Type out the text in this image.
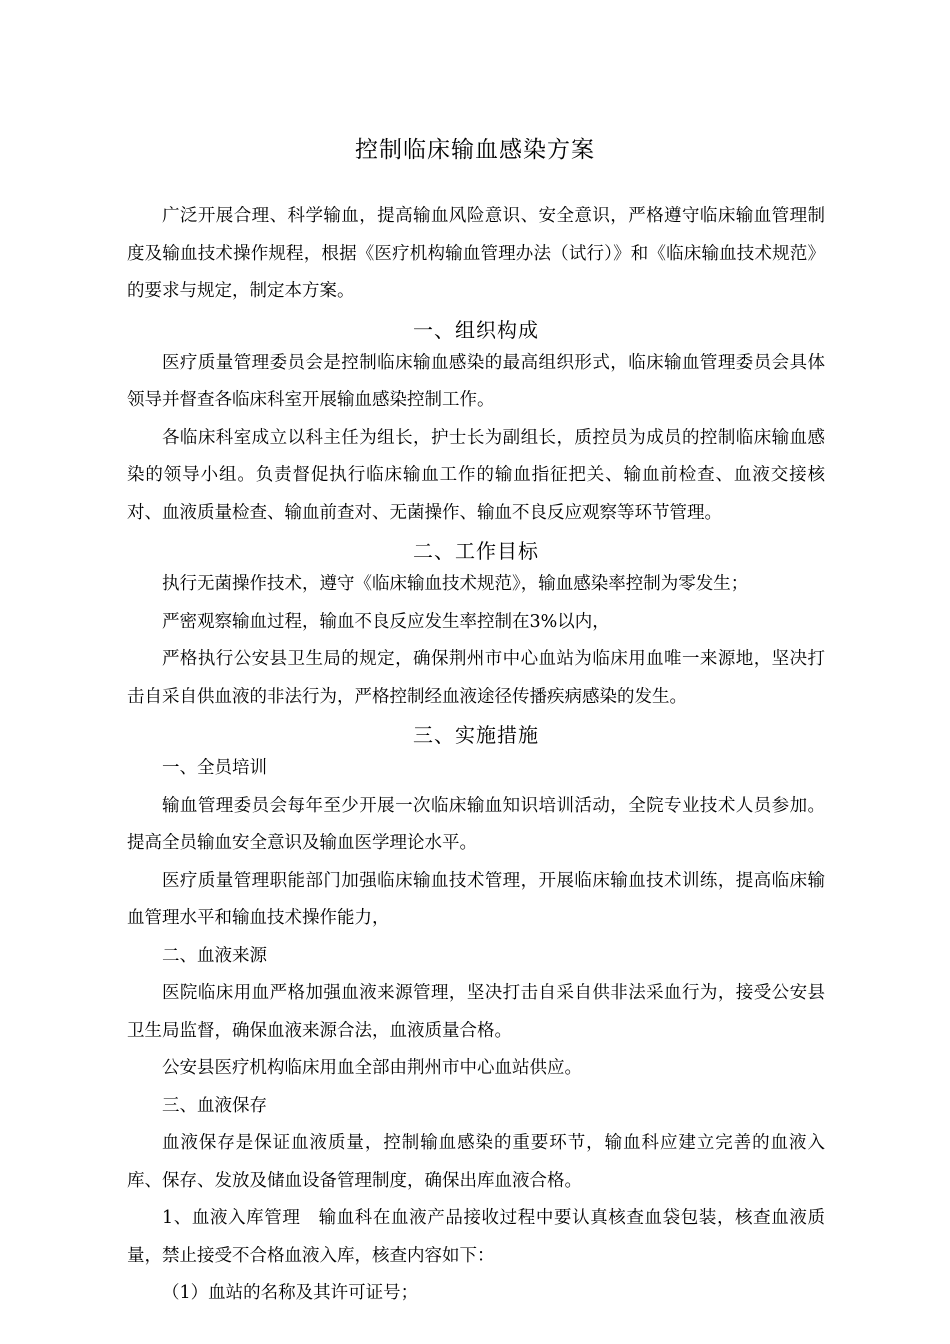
控制临床输血感染方案

广泛开展合理、科学输血，提高输血风险意识、安全意识，严格遵守临床输血管理制度及输血技术操作规程，根据《医疗机构输血管理办法（试行）》和《临床输血技术规范》的要求与规定，制定本方案。

一、组织构成

医疗质量管理委员会是控制临床输血感染的最高组织形式，临床输血管理委员会具体领导并督查各临床科室开展输血感染控制工作。

各临床科室成立以科主任为组长，护士长为副组长，质控员为成员的控制临床输血感染的领导小组。负责督促执行临床输血工作的输血指征把关、输血前检查、血液交接核对、血液质量检查、输血前查对、无菌操作、输血不良反应观察等环节管理。

二、工作目标

执行无菌操作技术，遵守《临床输血技术规范》，输血感染率控制为零发生；

严密观察输血过程，输血不良反应发生率控制在3%以内，

严格执行公安县卫生局的规定，确保荆州市中心血站为临床用血唯一来源地，坚决打击自采自供血液的非法行为，严格控制经血液途径传播疾病感染的发生。

三、实施措施

一、全员培训

输血管理委员会每年至少开展一次临床输血知识培训活动，全院专业技术人员参加。提高全员输血安全意识及输血医学理论水平。

医疗质量管理职能部门加强临床输血技术管理，开展临床输血技术训练，提高临床输血管理水平和输血技术操作能力，

二、血液来源

医院临床用血严格加强血液来源管理，坚决打击自采自供非法采血行为，接受公安县卫生局监督，确保血液来源合法，血液质量合格。

公安县医疗机构临床用血全部由荆州市中心血站供应。

三、血液保存

血液保存是保证血液质量，控制输血感染的重要环节，输血科应建立完善的血液入库、保存、发放及储血设备管理制度，确保出库血液合格。

1、血液入库管理　输血科在血液产品接收过程中要认真核查血袋包装，核查血液质量，禁止接受不合格血液入库，核查内容如下：

（1）血站的名称及其许可证号；
